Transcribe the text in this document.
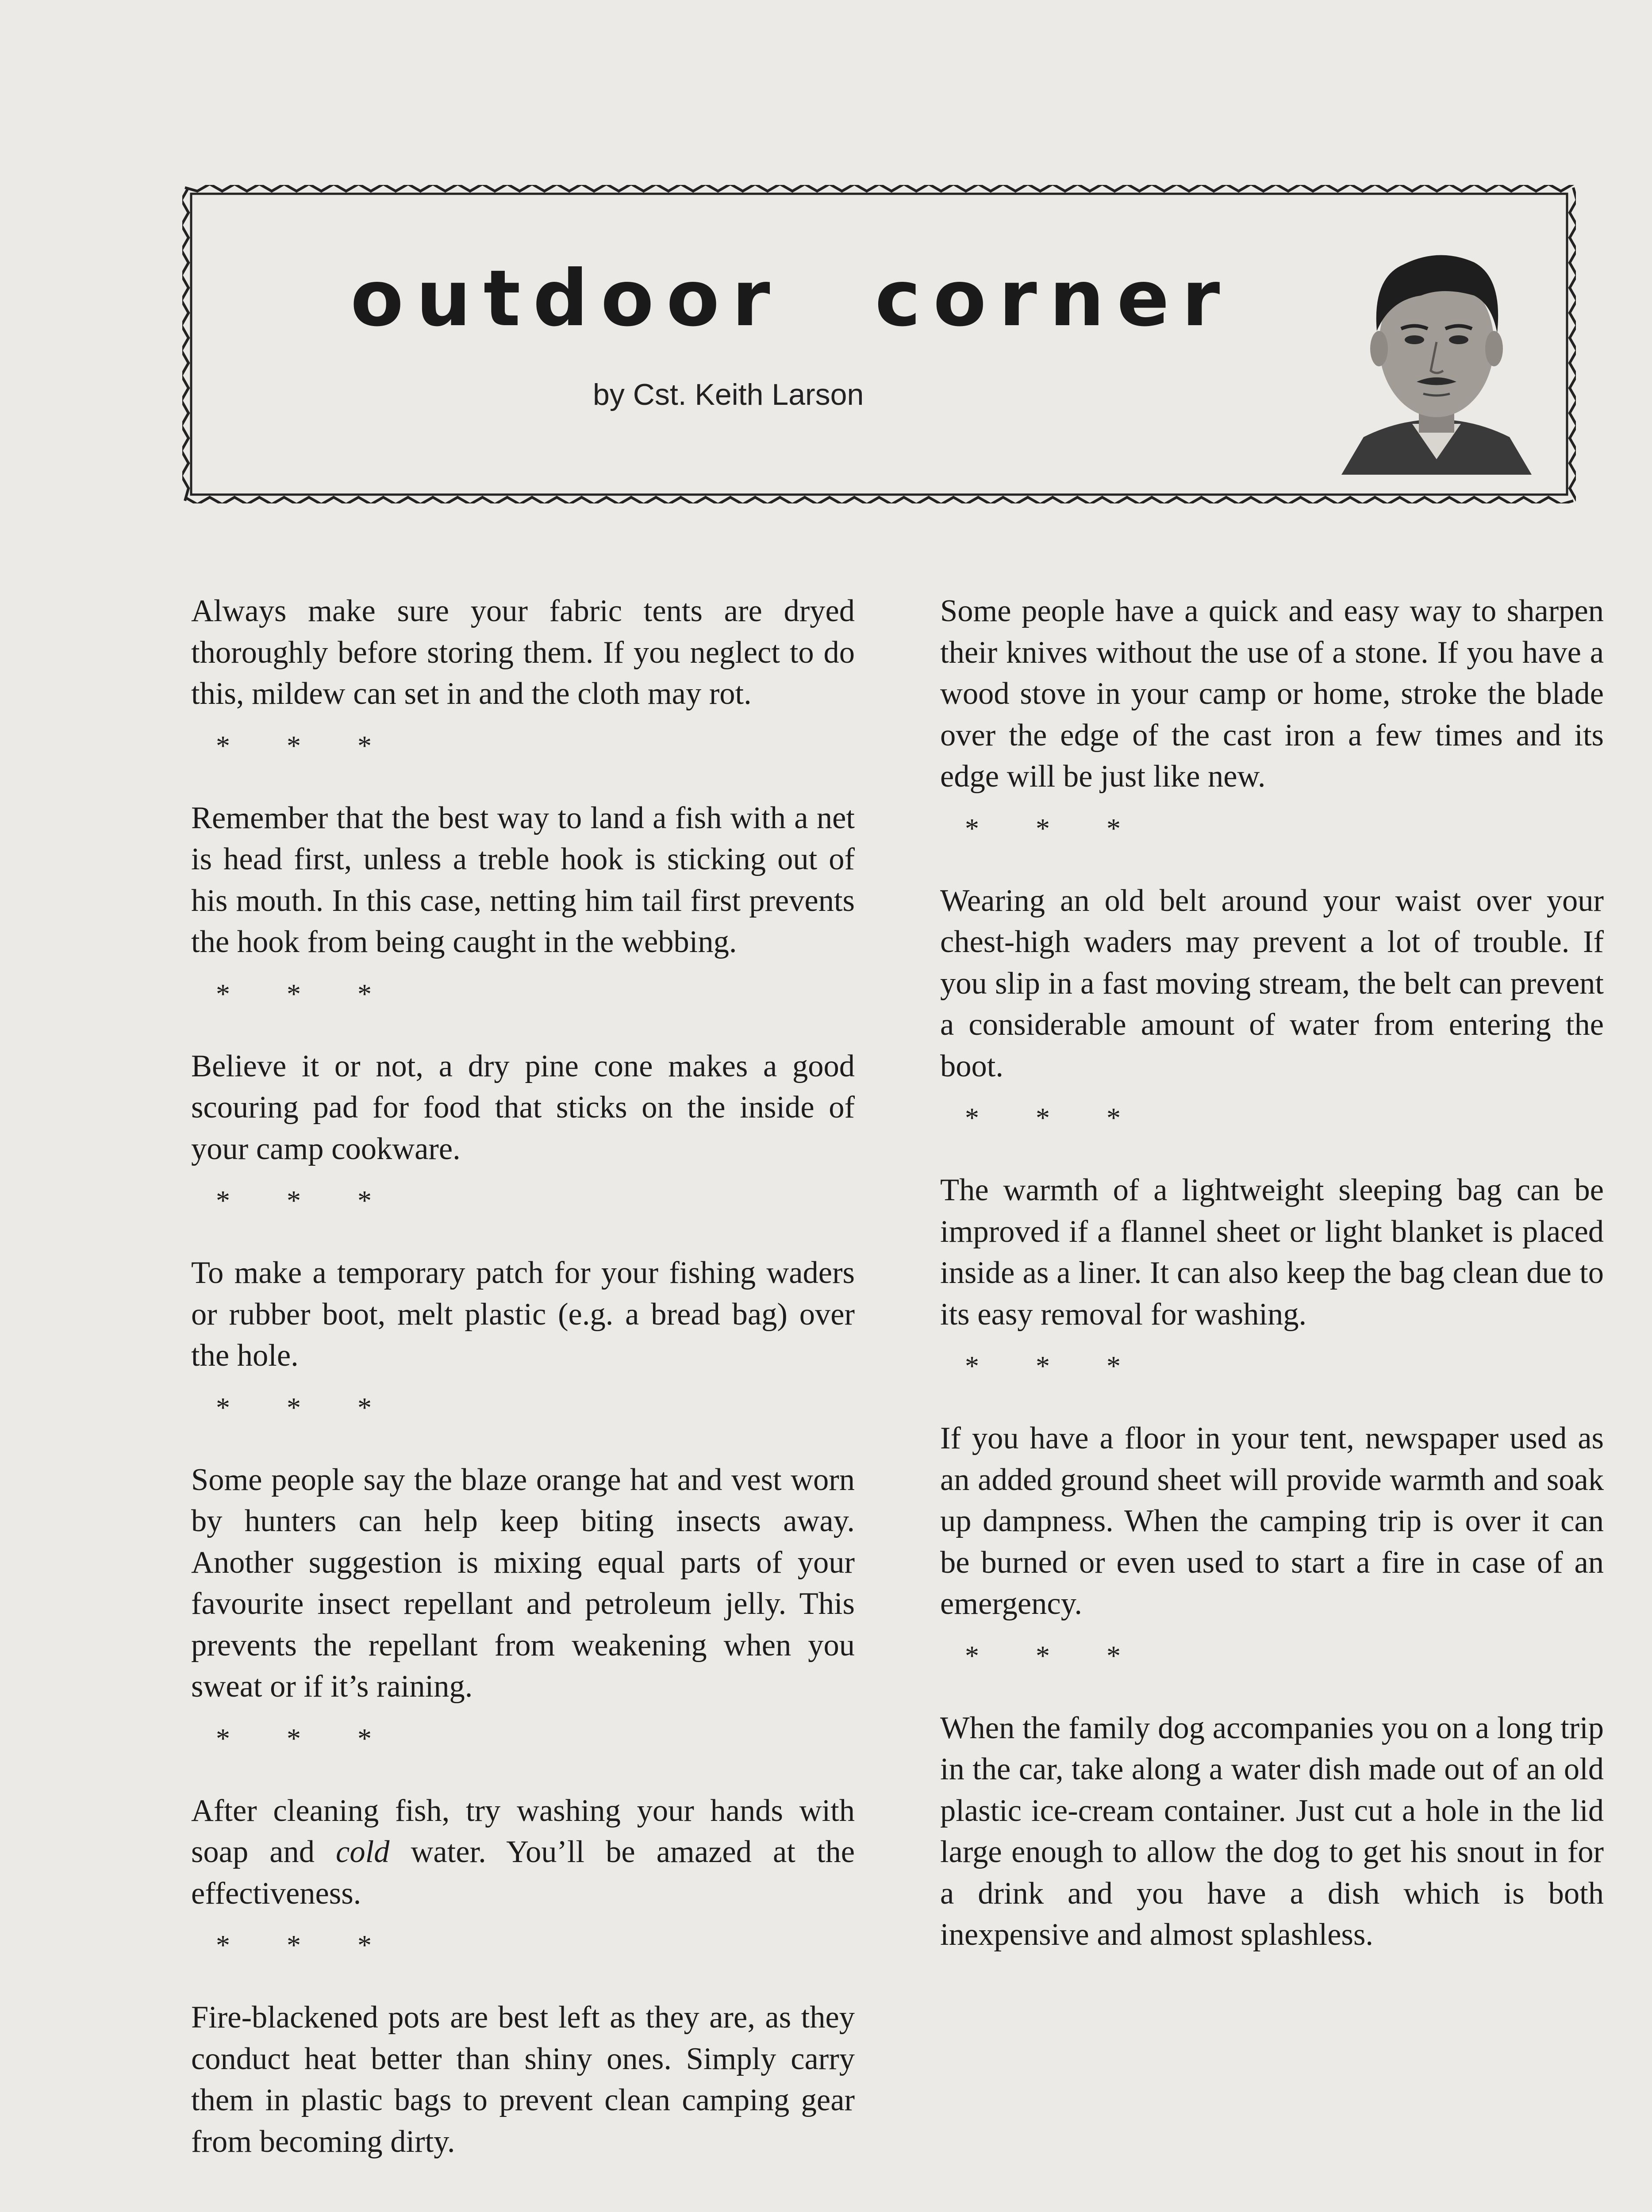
outdoor corner
by Cst. Keith Larson

Always make sure your fabric tents are dryed thoroughly before storing them. If you neglect to do this, mildew can set in and the cloth may rot.

* * *

Remember that the best way to land a fish with a net is head first, unless a treble hook is sticking out of his mouth. In this case, netting him tail first prevents the hook from being caught in the webbing.

* * *

Believe it or not, a dry pine cone makes a good scouring pad for food that sticks on the inside of your camp cookware.

* * *

To make a temporary patch for your fishing waders or rubber boot, melt plastic (e.g. a bread bag) over the hole.

* * *

Some people say the blaze orange hat and vest worn by hunters can help keep biting insects away. Another suggestion is mixing equal parts of your favourite insect repellant and petroleum jelly. This prevents the repellant from weakening when you sweat or if it’s raining.

* * *

After cleaning fish, try washing your hands with soap and cold water. You’ll be amazed at the effectiveness.

* * *

Fire-blackened pots are best left as they are, as they conduct heat better than shiny ones. Simply carry them in plastic bags to prevent clean camping gear from becoming dirty.

Some people have a quick and easy way to sharpen their knives without the use of a stone. If you have a wood stove in your camp or home, stroke the blade over the edge of the cast iron a few times and its edge will be just like new.

* * *

Wearing an old belt around your waist over your chest-high waders may prevent a lot of trouble. If you slip in a fast moving stream, the belt can prevent a considerable amount of water from entering the boot.

* * *

The warmth of a lightweight sleeping bag can be improved if a flannel sheet or light blanket is placed inside as a liner. It can also keep the bag clean due to its easy removal for washing.

* * *

If you have a floor in your tent, newspaper used as an added ground sheet will provide warmth and soak up dampness. When the camping trip is over it can be burned or even used to start a fire in case of an emergency.

* * *

When the family dog accompanies you on a long trip in the car, take along a water dish made out of an old plastic ice-cream container. Just cut a hole in the lid large enough to allow the dog to get his snout in for a drink and you have a dish which is both inexpensive and almost splashless.
